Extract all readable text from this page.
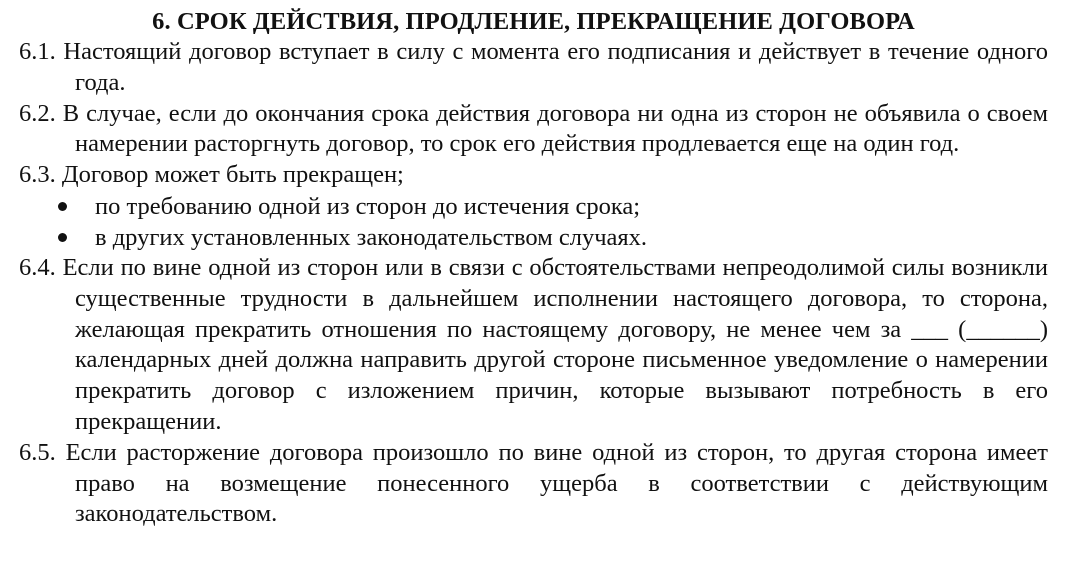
6. СРОК ДЕЙСТВИЯ, ПРОДЛЕНИЕ, ПРЕКРАЩЕНИЕ ДОГОВОРА

6.1. Настоящий договор вступает в силу с момента его подписания и действует в течение одного года.

6.2. В случае, если до окончания срока действия договора ни одна из сторон не объявила о своем намерении расторгнуть договор, то срок его действия продлевается еще на один год.

6.3. Договор может быть прекращен;

по требованию одной из сторон до истечения срока;
в других установленных законодательством случаях.

6.4. Если по вине одной из сторон или в связи с обстоятельствами непреодолимой силы возникли существенные трудности в дальнейшем исполнении настоящего договора, то сторона, желающая прекратить отношения по настоящему договору, не менее чем за ___ (______) календарных дней должна направить другой стороне письменное уведомление о намерении прекратить договор с изложением причин, которые вызывают потребность в его прекращении.

6.5. Если расторжение договора произошло по вине одной из сторон, то другая сторона имеет право на возмещение понесенного ущерба в соответствии с действующим законодательством.
